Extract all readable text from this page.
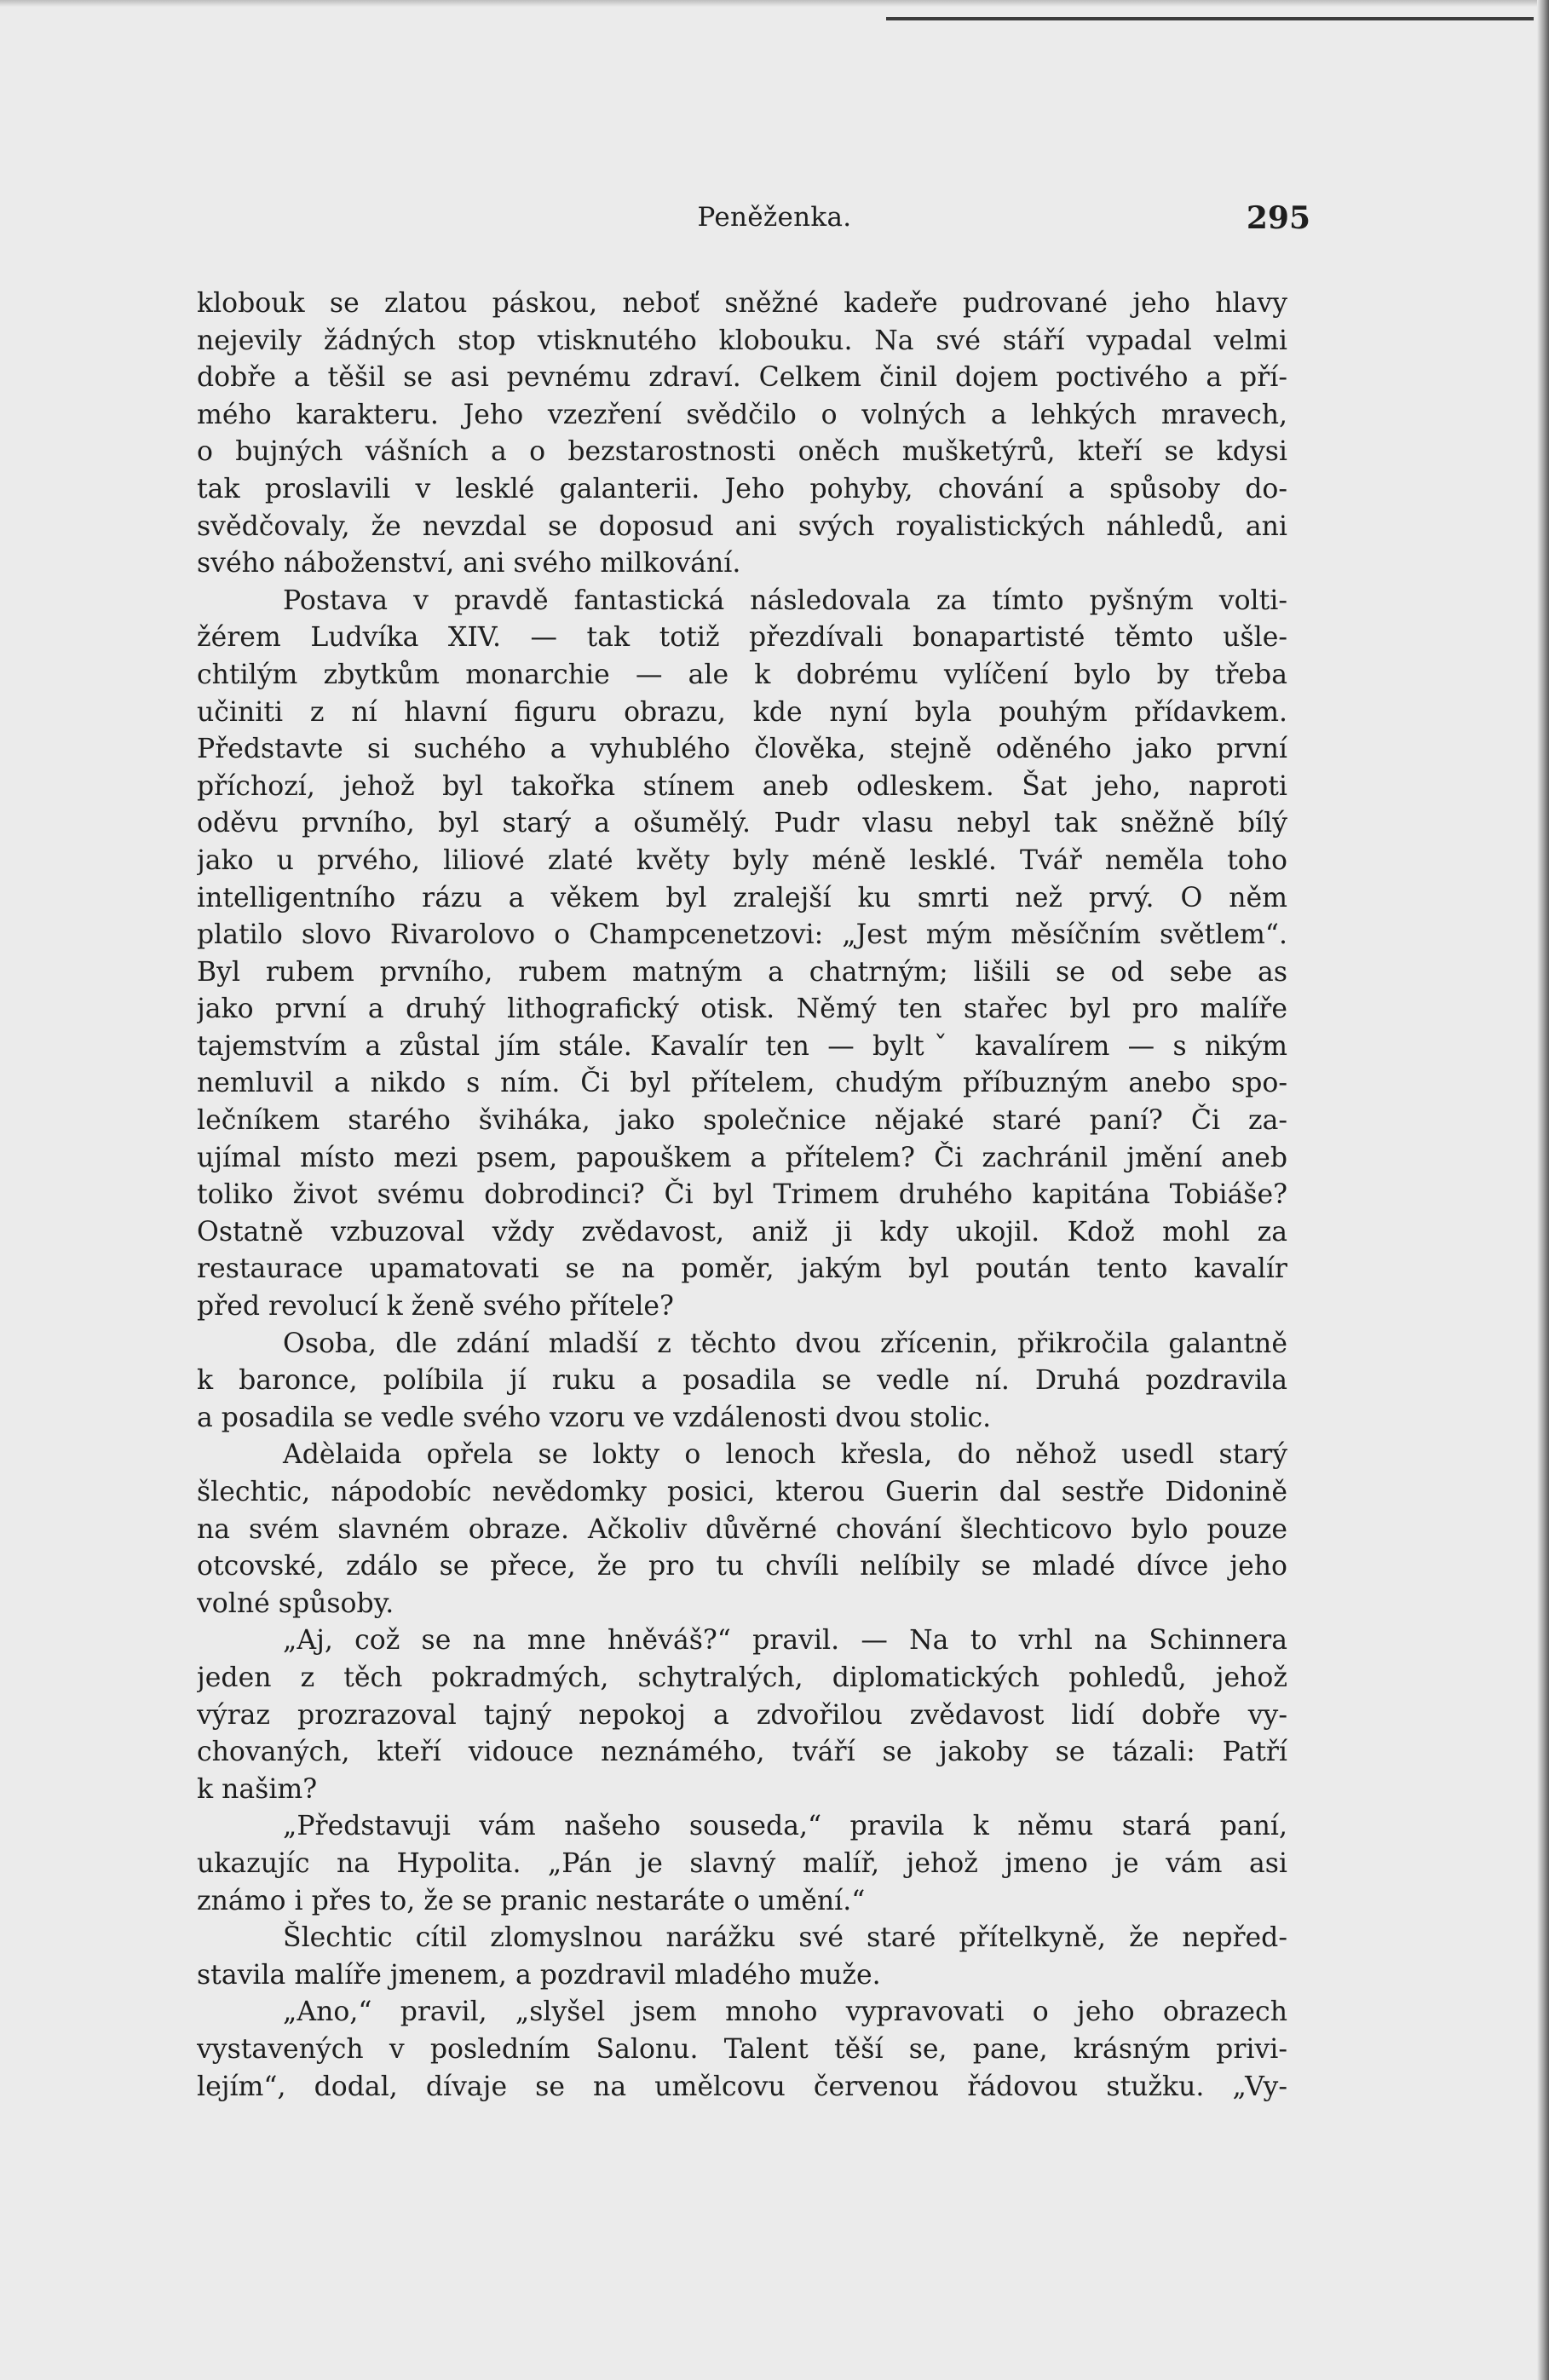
Peněženka.	295
klobouk se zlatou páskou, neboť sněžné kadeře pudrované jeho hlavy
nejevily žádných stop vtisknutého klobouku. Na své stáří vypadal velmi
dobře a těšil se asi pevnému zdraví. Celkem činil dojem poctivého a pří-
mého karakteru. Jeho vzezření svědčilo o volných a lehkých mravech,
o bujných vášních a o bezstarostnosti oněch mušketýrů, kteří se kdysi
tak proslavili v lesklé galanterii. Jeho pohyby, chování a spůsoby do-
svědčovaly, že nevzdal se doposud ani svých royalistických náhledů, ani
svého náboženství, ani svého milkování.
Postava v pravdě fantastická následovala za tímto pyšným volti-
žérem Ludvíka XIV. — tak totiž přezdívali bonapartisté těmto ušle-
chtilým zbytkům monarchie — ale k dobrému vylíčení bylo by třeba
učiniti z ní hlavní figuru obrazu, kde nyní byla pouhým přídavkem.
Představte si suchého a vyhublého člověka, stejně oděného jako první
příchozí, jehož byl takořka stínem aneb odleskem. Šat jeho, naproti
oděvu prvního, byl starý a ošumělý. Pudr vlasu nebyl tak sněžně bílý
jako u prvého, liliové zlaté květy byly méně lesklé. Tvář neměla toho
intelligentního rázu a věkem byl zralejší ku smrti než prvý. O něm
platilo slovo Rivarolovo o Champcenetzovi: „Jest mým měsíčním světlem“.
Byl rubem prvního, rubem matným a chatrným; lišili se od sebe as
jako první a druhý lithografický otisk. Němý ten stařec byl pro malíře
tajemstvím a zůstal jím stále. Kavalír ten — byltˇ kavalírem — s nikým
nemluvil a nikdo s ním. Či byl přítelem, chudým příbuzným anebo spo-
lečníkem starého šviháka, jako společnice nějaké staré paní? Či za-
ujímal místo mezi psem, papouškem a přítelem? Či zachránil jmění aneb
toliko život svému dobrodinci? Či byl Trimem druhého kapitána Tobiáše?
Ostatně vzbuzoval vždy zvědavost, aniž ji kdy ukojil. Kdož mohl za
restaurace upamatovati se na poměr, jakým byl poután tento kavalír
před revolucí k ženě svého přítele?
Osoba, dle zdání mladší z těchto dvou zřícenin, přikročila galantně
k baronce, políbila jí ruku a posadila se vedle ní. Druhá pozdravila
a posadila se vedle svého vzoru ve vzdálenosti dvou stolic.
Adèlaida opřela se lokty o lenoch křesla, do něhož usedl starý
šlechtic, nápodobíc nevědomky posici, kterou Guerin dal sestře Didonině
na svém slavném obraze. Ačkoliv důvěrné chování šlechticovo bylo pouze
otcovské, zdálo se přece, že pro tu chvíli nelíbily se mladé dívce jeho
volné spůsoby.
„Aj, což se na mne hněváš?“ pravil. — Na to vrhl na Schinnera
jeden z těch pokradmých, schytralých, diplomatických pohledů, jehož
výraz prozrazoval tajný nepokoj a zdvořilou zvědavost lidí dobře vy-
chovaných, kteří vidouce neznámého, tváří se jakoby se tázali: Patří
k našim?
„Představuji vám našeho souseda,“ pravila k němu stará paní,
ukazujíc na Hypolita. „Pán je slavný malíř, jehož jmeno je vám asi
známo i přes to, že se pranic nestaráte o umění.“
Šlechtic cítil zlomyslnou narážku své staré přítelkyně, že nepřed-
stavila malíře jmenem, a pozdravil mladého muže.
„Ano,“ pravil, „slyšel jsem mnoho vypravovati o jeho obrazech
vystavených v posledním Salonu. Talent těší se, pane, krásným privi-
lejím“, dodal, dívaje se na umělcovu červenou řádovou stužku. „Vy-
